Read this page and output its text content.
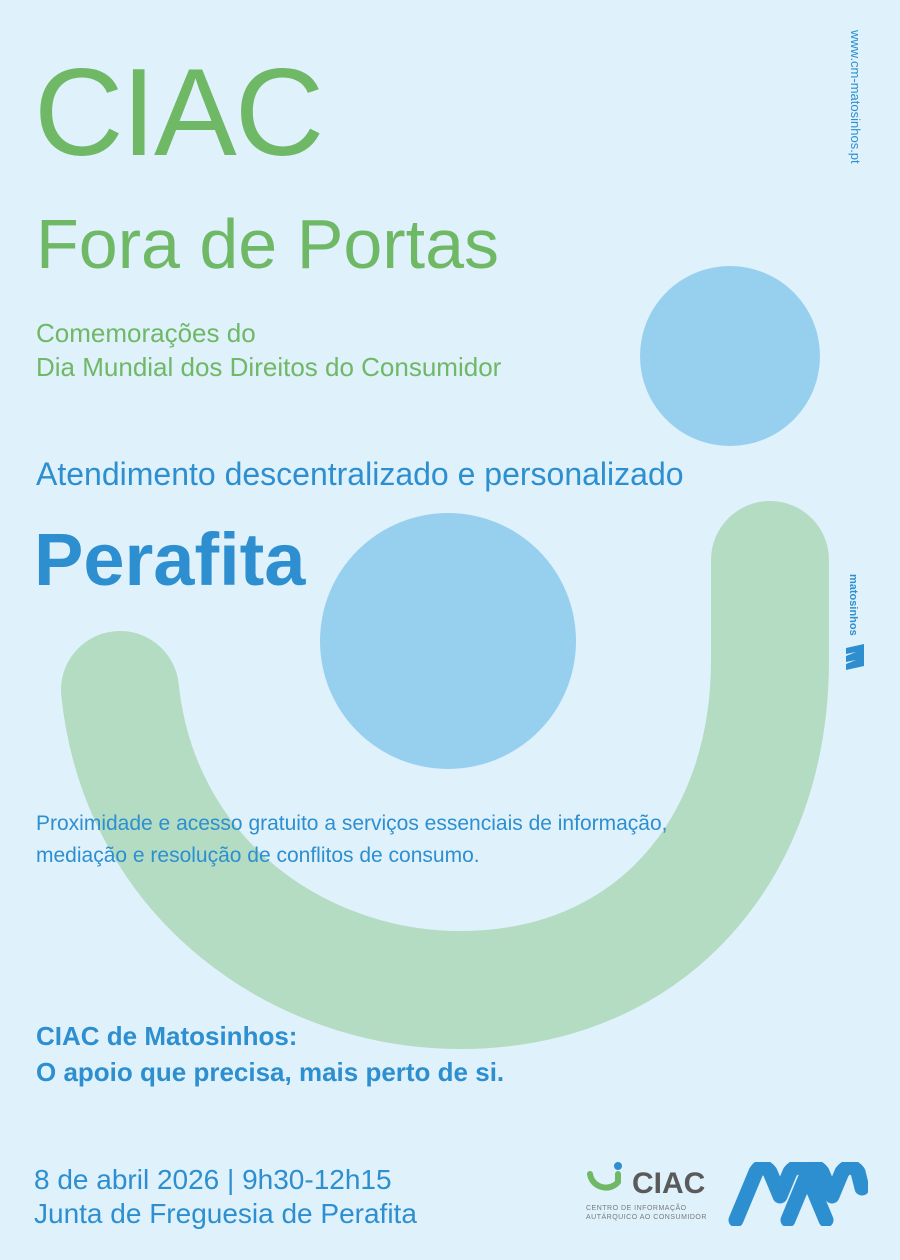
CIAC
Fora de Portas
Comemorações do
Dia Mundial dos Direitos do Consumidor
Atendimento descentralizado e personalizado
Perafita
Proximidade e acesso gratuito a serviços essenciais de informação,
mediação e resolução de conflitos de consumo.
CIAC de Matosinhos:
O apoio que precisa, mais perto de si.
8 de abril 2026 | 9h30-12h15
Junta de Freguesia de Perafita
www.cm-matosinhos.pt
matosinhos
CIAC
CENTRO DE INFORMAÇÃO
AUTÁRQUICO AO CONSUMIDOR
